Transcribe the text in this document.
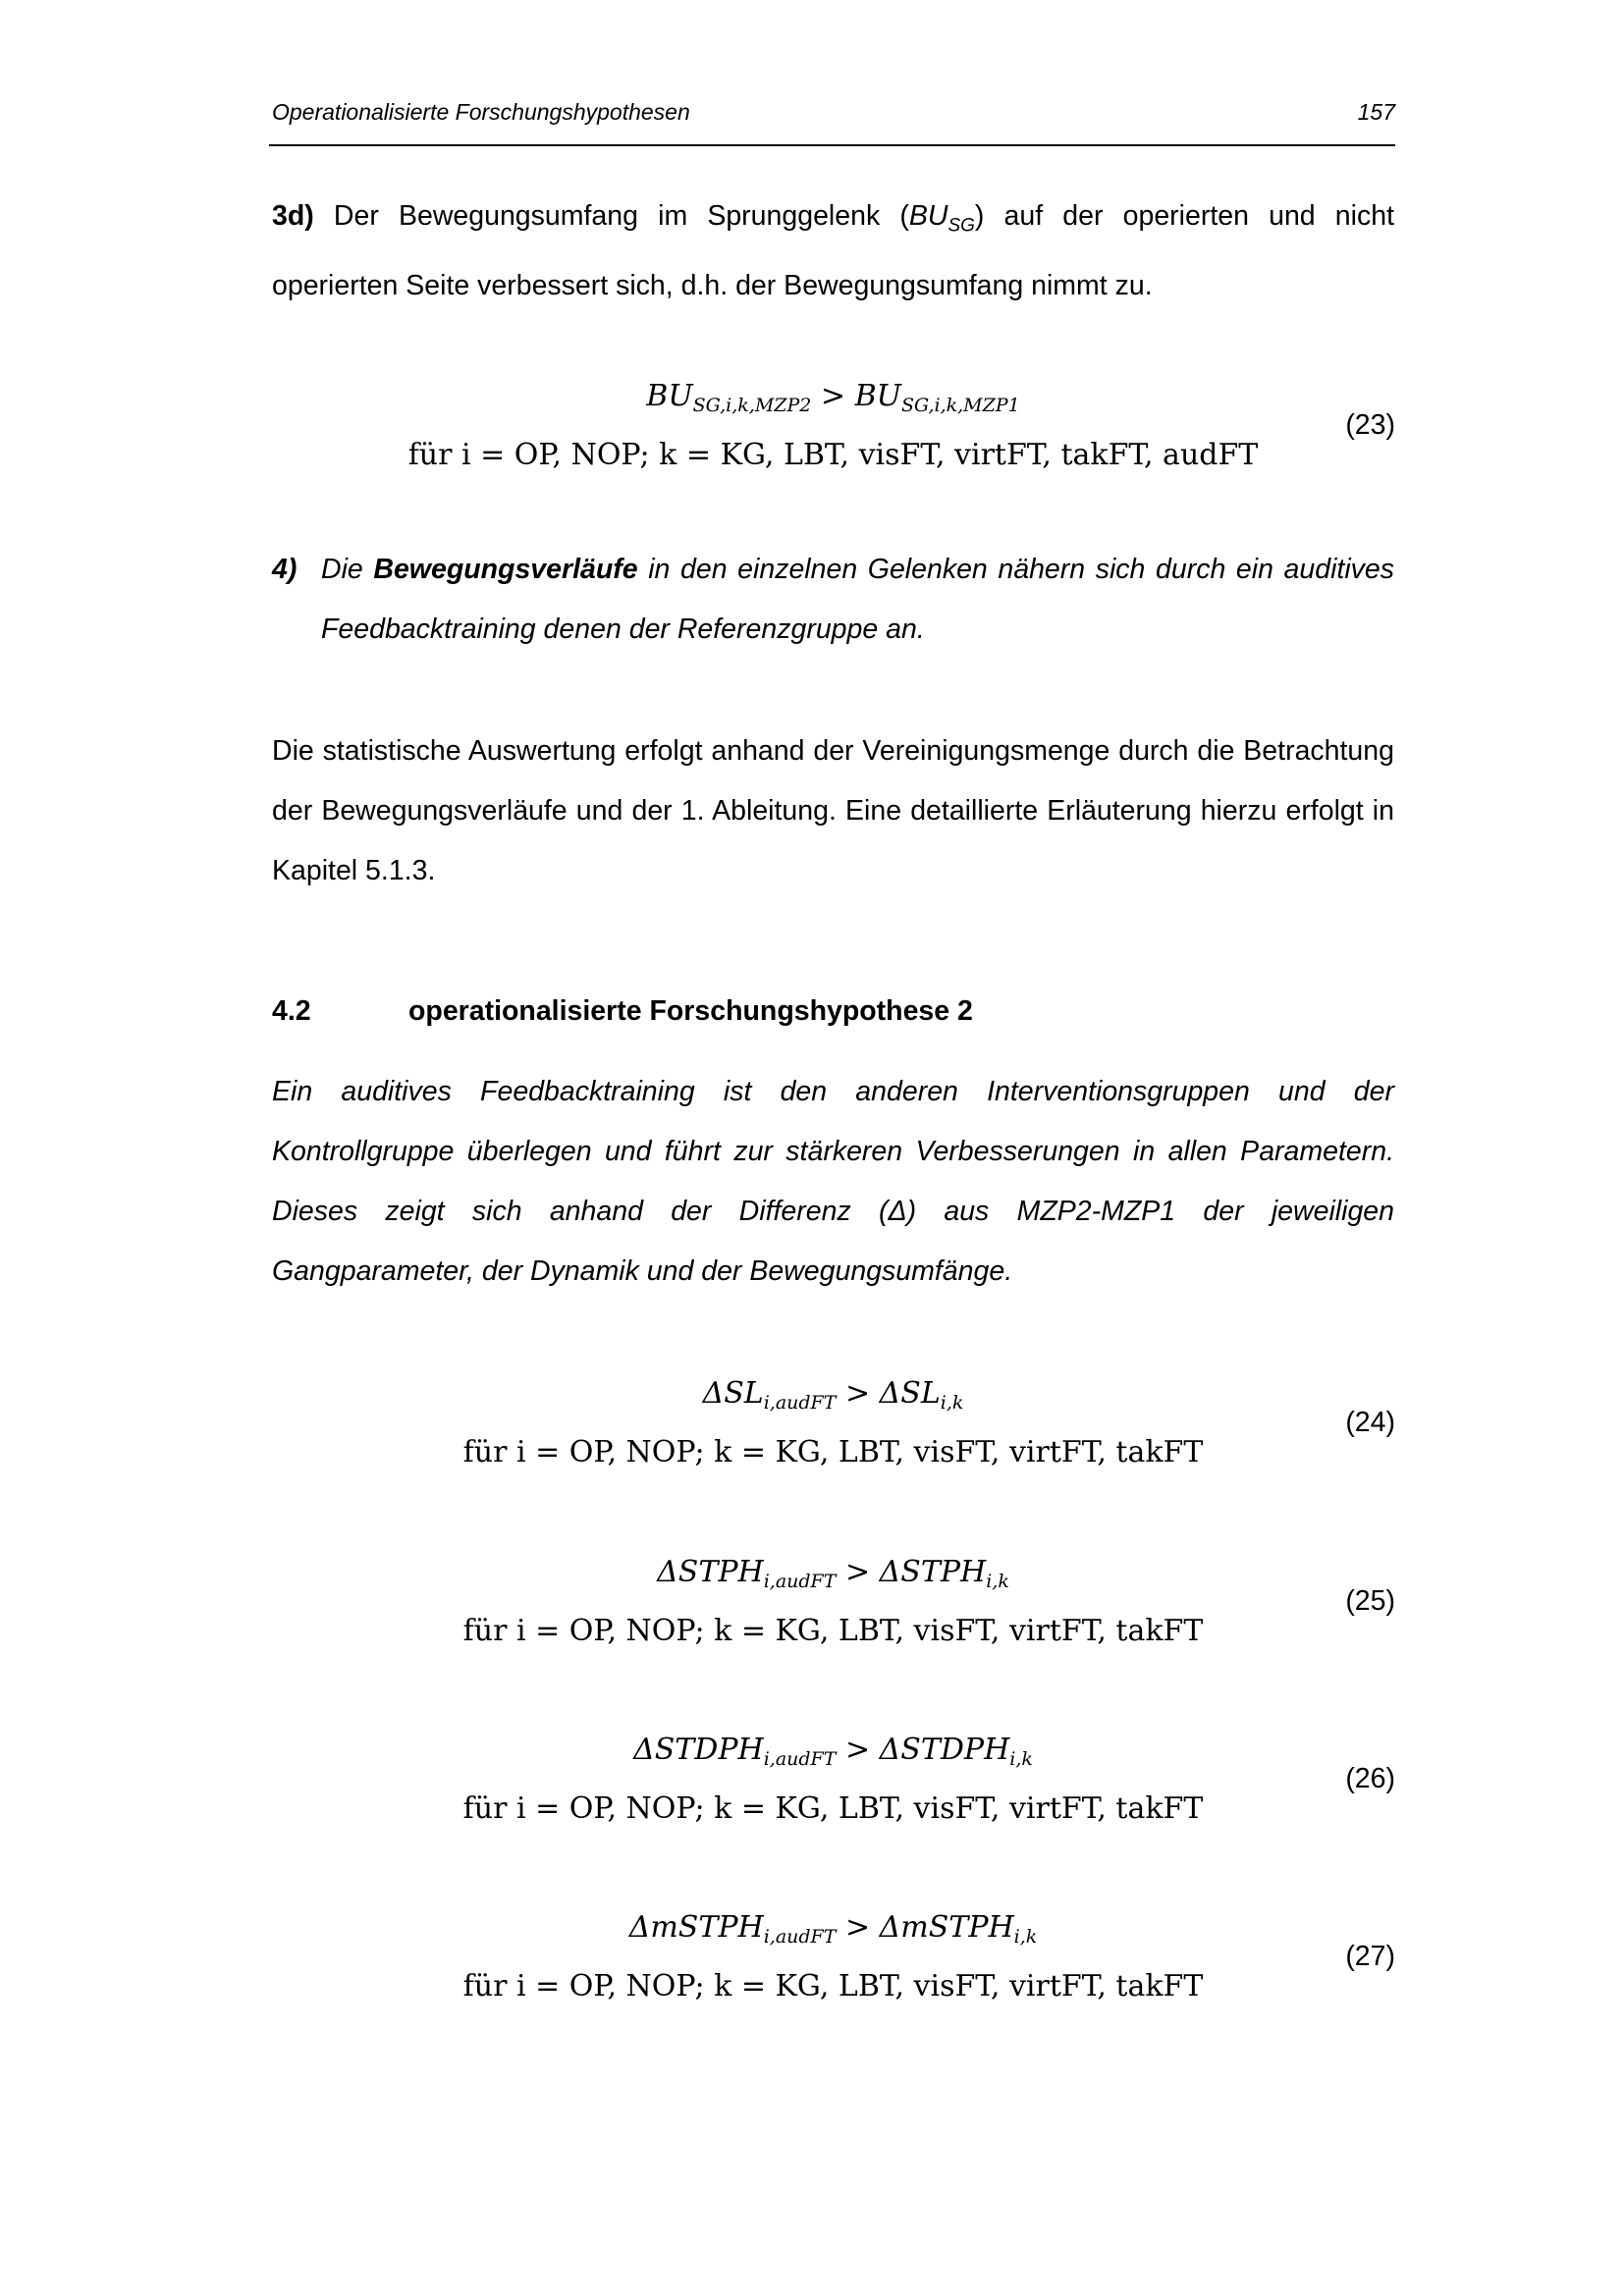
Operationalisierte Forschungshypothesen	157

3d) Der Bewegungsumfang im Sprunggelenk $(BU_{SG})$ auf der operierten und nicht operierten Seite verbessert sich, d.h. der Bewegungsumfang nimmt zu.

$BU_{SG,i,k,MZP2} > BU_{SG,i,k,MZP1}$
für i = OP, NOP; k = KG, LBT, visFT, virtFT, takFT, audFT
(23)
4) Die Bewegungsverläufe in den einzelnen Gelenken nähern sich durch ein auditives Feedbacktraining denen der Referenzgruppe an.

Die statistische Auswertung erfolgt anhand der Vereinigungsmenge durch die Betrachtung der Bewegungsverläufe und der 1. Ableitung. Eine detaillierte Erläuterung hierzu erfolgt in Kapitel 5.1.3.

4.2	operationalisierte Forschungshypothese 2

Ein auditives Feedbacktraining ist den anderen Interventionsgruppen und der Kontrollgruppe überlegen und führt zur stärkeren Verbesserungen in allen Parametern. Dieses zeigt sich anhand der Differenz (Δ) aus MZP2-MZP1 der jeweiligen Gangparameter, der Dynamik und der Bewegungsumfänge.

$\Delta SL_{i,audFT} > \Delta SL_{i,k}$
für i = OP, NOP; k = KG, LBT, visFT, virtFT, takFT
(24)
$\Delta STPH_{i,audFT}$ > $\Delta STPH_{i,k}$
für i = OP, NOP; k = KG, LBT, visFT, virtFT, takFT
(25)
$\Delta STDPH_{i,audFT}$ > $\Delta STDPH_{i,k}$
für i = OP, NOP; k = KG, LBT, visFT, virtFT, takFT
(26)
ΔmSTPH$_{i,audFT}$ > ΔmSTPH$_{i,k}$
für i = OP, NOP; k = KG, LBT, visFT, virtFT, takFT
(27)
